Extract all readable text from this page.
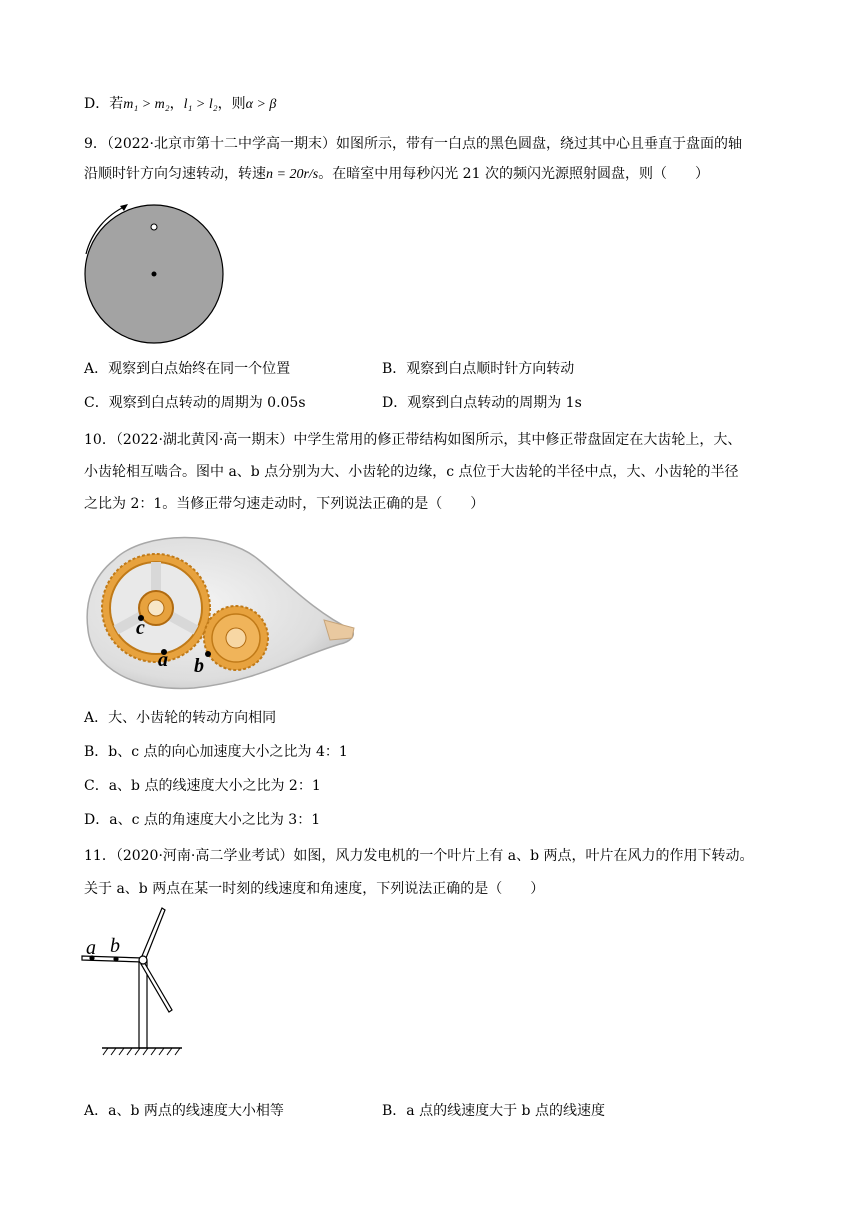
D．若m₁ > m₂，l₁ > l₂，则α > β
9．（2022·北京市第十二中学高一期末）如图所示，带有一白点的黑色圆盘，绕过其中心且垂直于盘面的轴
沿顺时针方向匀速转动，转速n = 20r/s。在暗室中用每秒闪光 21 次的频闪光源照射圆盘，则（　　）
A．观察到白点始终在同一个位置	B．观察到白点顺时针方向转动
C．观察到白点转动的周期为 0.05s	D．观察到白点转动的周期为 1s
10．（2022·湖北黄冈·高一期末）中学生常用的修正带结构如图所示，其中修正带盘固定在大齿轮上，大、
小齿轮相互啮合。图中 a、b 点分别为大、小齿轮的边缘，c 点位于大齿轮的半径中点，大、小齿轮的半径
之比为 2：1。当修正带匀速走动时，下列说法正确的是（　　）
c
a b
A．大、小齿轮的转动方向相同
B．b、c 点的向心加速度大小之比为 4：1
C．a、b 点的线速度大小之比为 2：1
D．a、c 点的角速度大小之比为 3：1
11．（2020·河南·高二学业考试）如图，风力发电机的一个叶片上有 a、b 两点，叶片在风力的作用下转动。
关于 a、b 两点在某一时刻的线速度和角速度，下列说法正确的是（　　）
a b
A．a、b 两点的线速度大小相等	B．a 点的线速度大于 b 点的线速度
